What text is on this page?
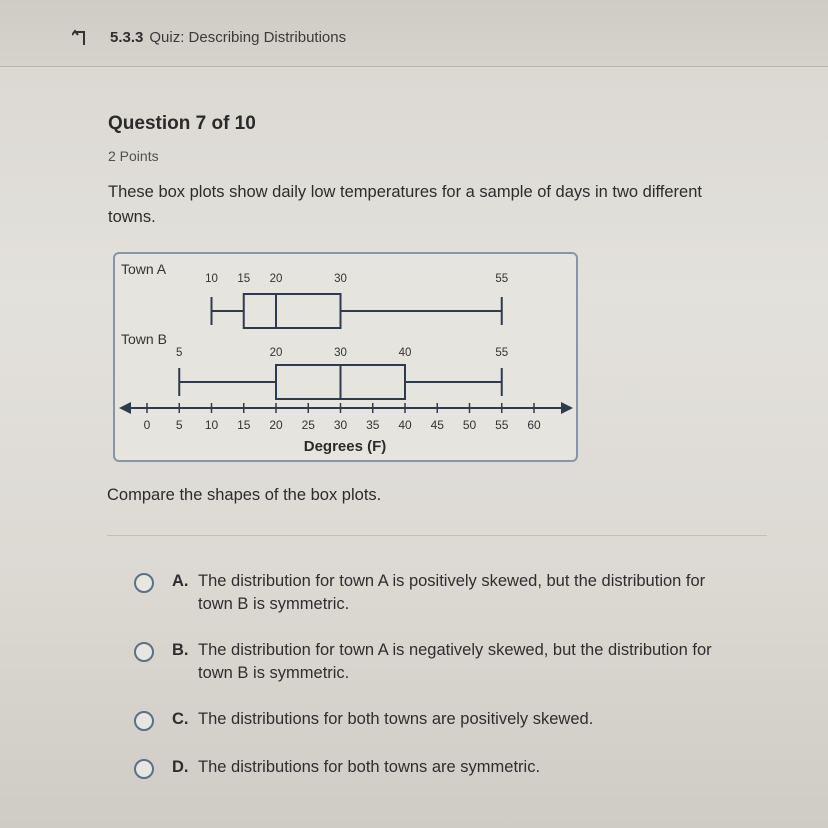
5.3.3 Quiz: Describing Distributions
Question 7 of 10
2 Points
These box plots show daily low temperatures for a sample of days in two different towns.
0 5 10 15 20 25 30 35 40 45 50 55 60
10 15 20	30	55
5	20	30	40	55
Town A
Town B
Degrees (F)
Compare the shapes of the box plots.
A. The distribution for town A is positively skewed, but the distribution for town B is symmetric.
B. The distribution for town A is negatively skewed, but the distribution for town B is symmetric.
C. The distributions for both towns are positively skewed.
D. The distributions for both towns are symmetric.
